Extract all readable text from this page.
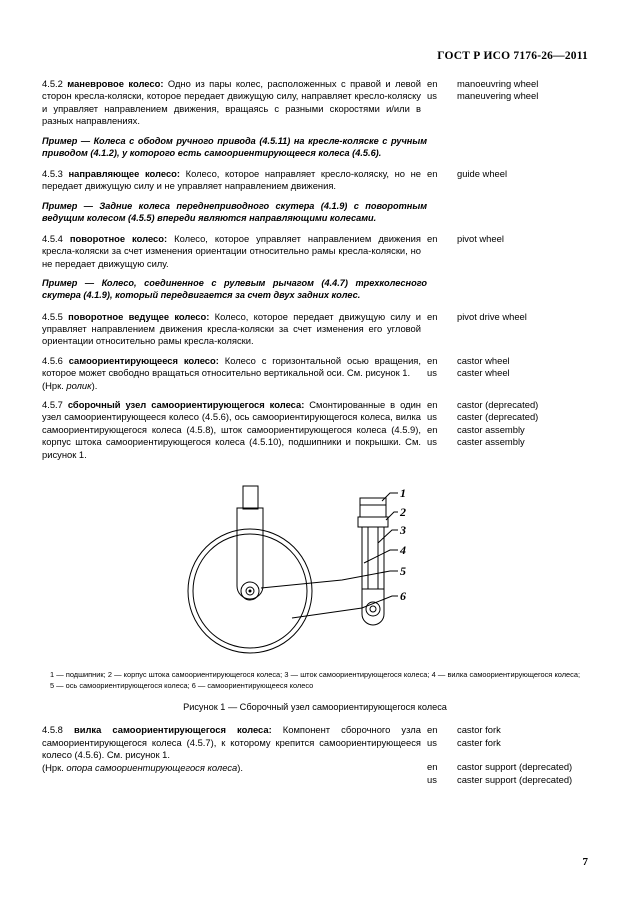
ГОСТ Р ИСО 7176-26—2011
4.5.2 маневровое колесо: Одно из пары колес, расположенных с правой и левой сторон кресла-коляски, которое передает движущую силу, направляет кресло-коляску и управляет направлением движения, вращаясь с разными скоростями и/или в разных направлениях.
en	manoeuvring wheel
us	maneuvering wheel
Пример — Колеса с ободом ручного привода (4.5.11) на кресле-коляске с ручным приводом (4.1.2), у которого есть самоориентирующееся колеса (4.5.6).
4.5.3 направляющее колесо: Колесо, которое направляет кресло-коляску, но не передает движущую силу и не управляет направлением движения.
en	guide wheel
Пример — Задние колеса переднеприводного скутера (4.1.9) с поворотным ведущим колесом (4.5.5) впереди являются направляющими колесами.
4.5.4 поворотное колесо: Колесо, которое управляет направлением движения кресла-коляски за счет изменения ориентации относительно рамы кресла-коляски, но не передает движущую силу.
en	pivot wheel
Пример — Колесо, соединенное с рулевым рычагом (4.4.7) трехколесного скутера (4.1.9), который передвигается за счет двух задних колес.
4.5.5 поворотное ведущее колесо: Колесо, которое передает движущую силу и управляет направлением движения кресла-коляски за счет изменения его угловой ориентации относительно рамы кресла-коляски.
en	pivot drive wheel
4.5.6 самоориентирующееся колесо: Колесо с горизонтальной осью вращения, которое может свободно вращаться относительно вертикальной оси. См. рисунок 1.
(Нрк. ролик).
en	castor wheel
us	caster wheel
4.5.7 сборочный узел самоориентирующегося колеса: Смонтированные в один узел самоориентирующееся колесо (4.5.6), ось самоориентирующегося колеса, вилка самоориентирующегося колеса (4.5.8), шток самоориентирующегося колеса (4.5.9), корпус штока самоориентирующегося колеса (4.5.10), подшипники и покрышки. См. рисунок 1.
en	castor (deprecated)
us	caster (deprecated)
en	castor assembly
us	caster assembly
1
2
3
4
5
6
1 — подшипник; 2 — корпус штока самоориентирующегося колеса; 3 — шток самоориентирующегося колеса; 4 — вилка самоориентирующегося колеса; 5 — ось самоориентирующегося колеса; 6 — самоориентирующееся колесо
Рисунок 1 — Сборочный узел самоориентирующегося колеса
4.5.8 вилка самоориентирующегося колеса: Компонент сборочного узла самоориентирующегося колеса (4.5.7), к которому крепится самоориентирующееся колесо (4.5.6). См. рисунок 1.
(Нрк. опора самоориентирующегося колеса).
en	castor fork
us	caster fork
en	castor support (deprecated)
us	caster support (deprecated)
7
